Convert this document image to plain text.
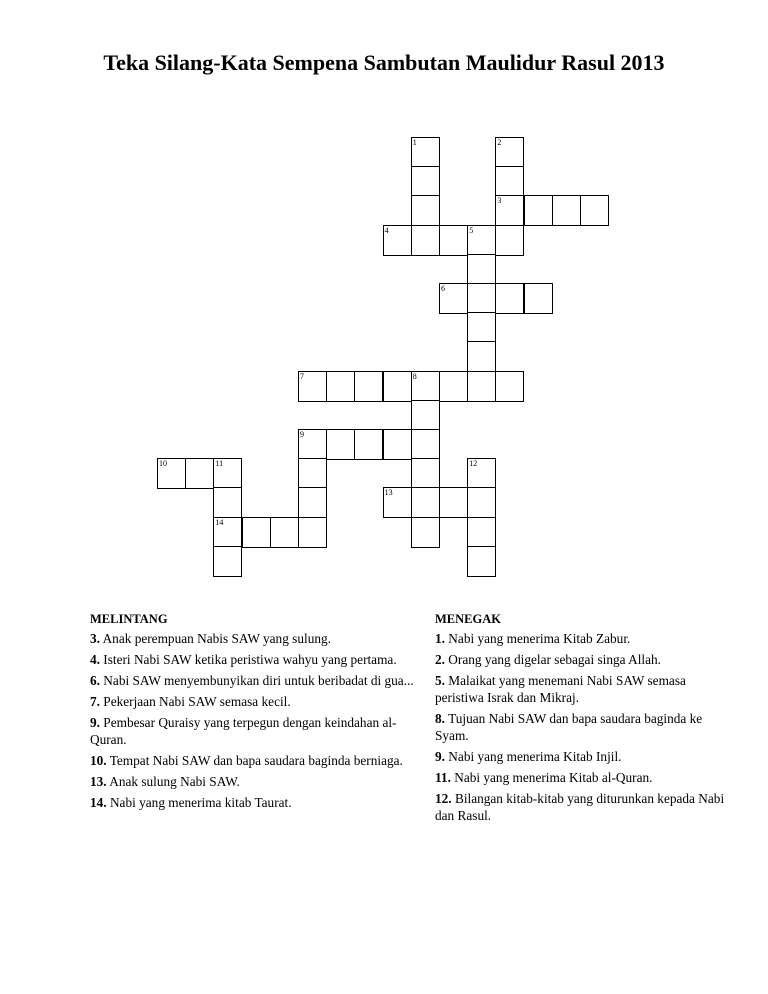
Teka Silang-Kata Sempena Sambutan Maulidur Rasul 2013
1	2
3
4	5
6
7	8
9
10	11	12
13
14
MELINTANG
3. Anak perempuan Nabis SAW yang sulung.
4. Isteri Nabi SAW ketika peristiwa wahyu yang pertama.
6. Nabi SAW menyembunyikan diri untuk beribadat di gua...
7. Pekerjaan Nabi SAW semasa kecil.
9. Pembesar Quraisy yang terpegun dengan keindahan al-Quran.
10. Tempat Nabi SAW dan bapa saudara baginda berniaga.
13. Anak sulung Nabi SAW.
14. Nabi yang menerima kitab Taurat.
MENEGAK
1. Nabi yang menerima Kitab Zabur.
2. Orang yang digelar sebagai singa Allah.
5. Malaikat yang menemani Nabi SAW semasa peristiwa Israk dan Mikraj.
8. Tujuan Nabi SAW dan bapa saudara baginda ke Syam.
9. Nabi yang menerima Kitab Injil.
11. Nabi yang menerima Kitab al-Quran.
12. Bilangan kitab-kitab yang diturunkan kepada Nabi dan Rasul.
